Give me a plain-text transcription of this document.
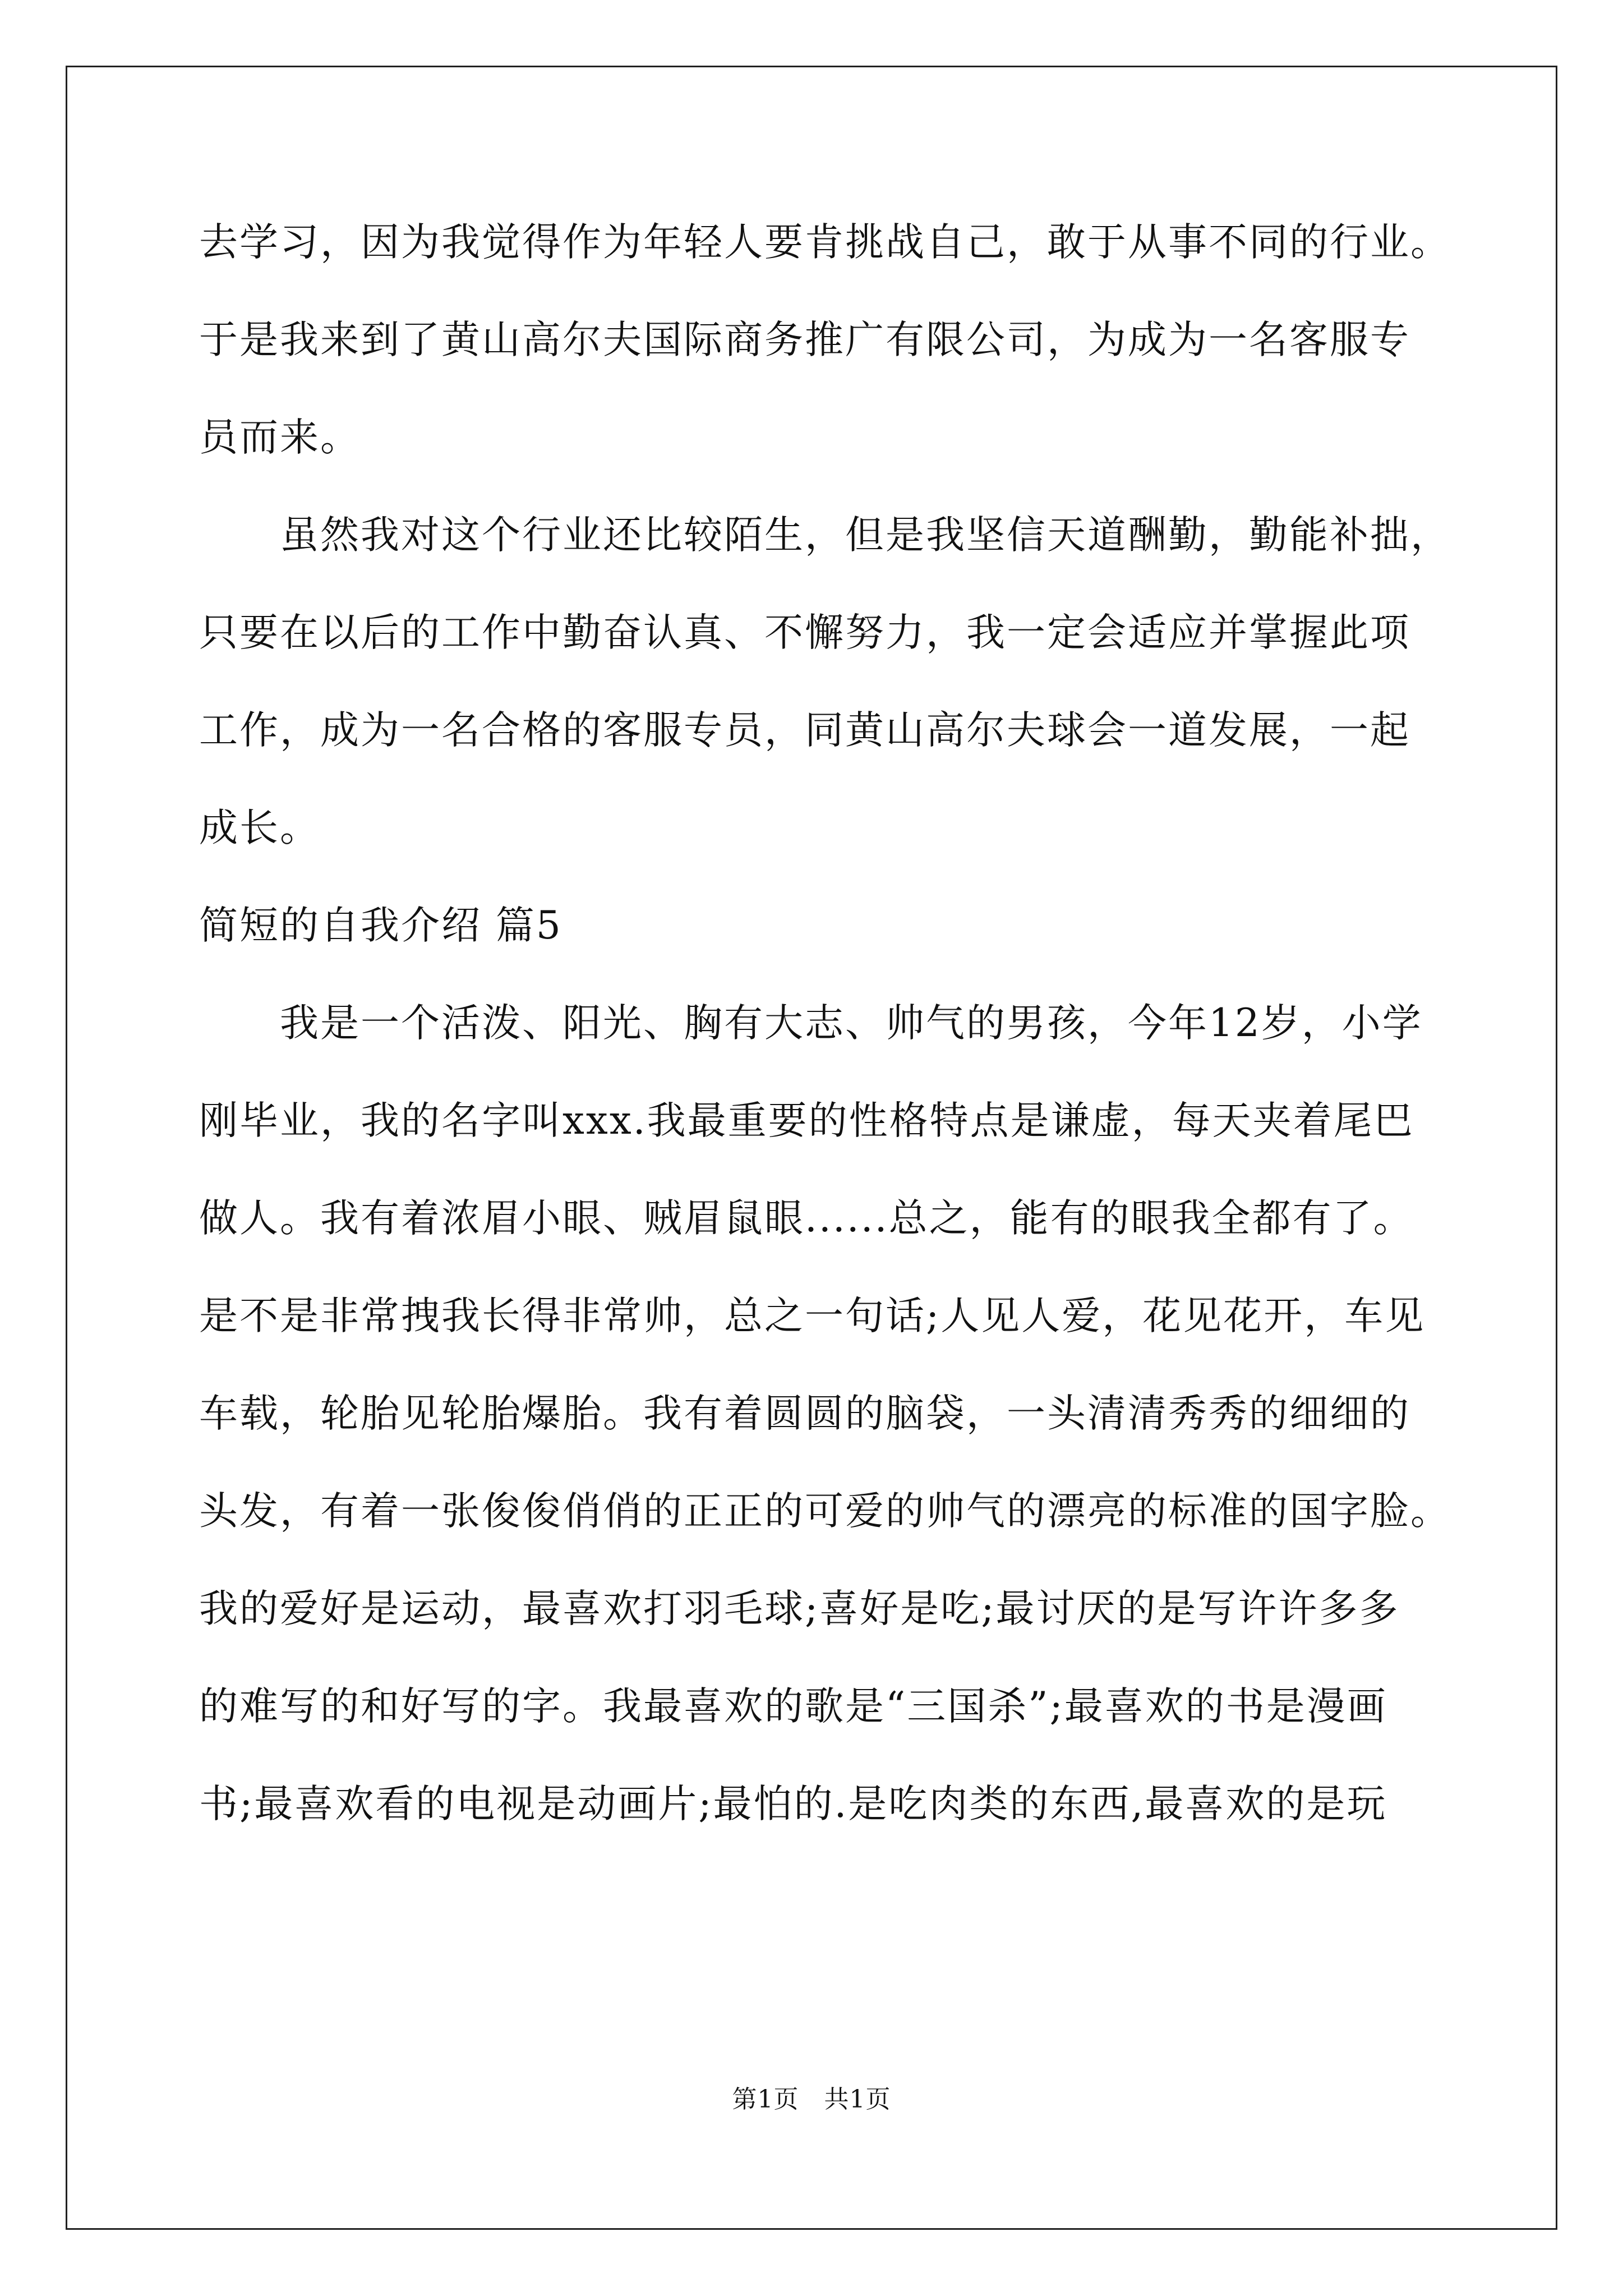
去学习，因为我觉得作为年轻人要肯挑战自己，敢于从事不同的行业。
于是我来到了黄山高尔夫国际商务推广有限公司，为成为一名客服专
员而来。
　　虽然我对这个行业还比较陌生，但是我坚信天道酬勤，勤能补拙，
只要在以后的工作中勤奋认真、不懈努力，我一定会适应并掌握此项
工作，成为一名合格的客服专员，同黄山高尔夫球会一道发展，一起
成长。
简短的自我介绍 篇5
　　我是一个活泼、阳光、胸有大志、帅气的男孩，今年12岁，小学
刚毕业，我的名字叫xxx.我最重要的性格特点是谦虚，每天夹着尾巴
做人。我有着浓眉小眼、贼眉鼠眼......总之，能有的眼我全都有了。
是不是非常拽我长得非常帅，总之一句话;人见人爱，花见花开，车见
车载，轮胎见轮胎爆胎。我有着圆圆的脑袋，一头清清秀秀的细细的
头发，有着一张俊俊俏俏的正正的可爱的帅气的漂亮的标准的国字脸。
我的爱好是运动，最喜欢打羽毛球;喜好是吃;最讨厌的是写许许多多
的难写的和好写的字。我最喜欢的歌是“三国杀”;最喜欢的书是漫画
书;最喜欢看的电视是动画片;最怕的.是吃肉类的东西,最喜欢的是玩
第1页　共1页
